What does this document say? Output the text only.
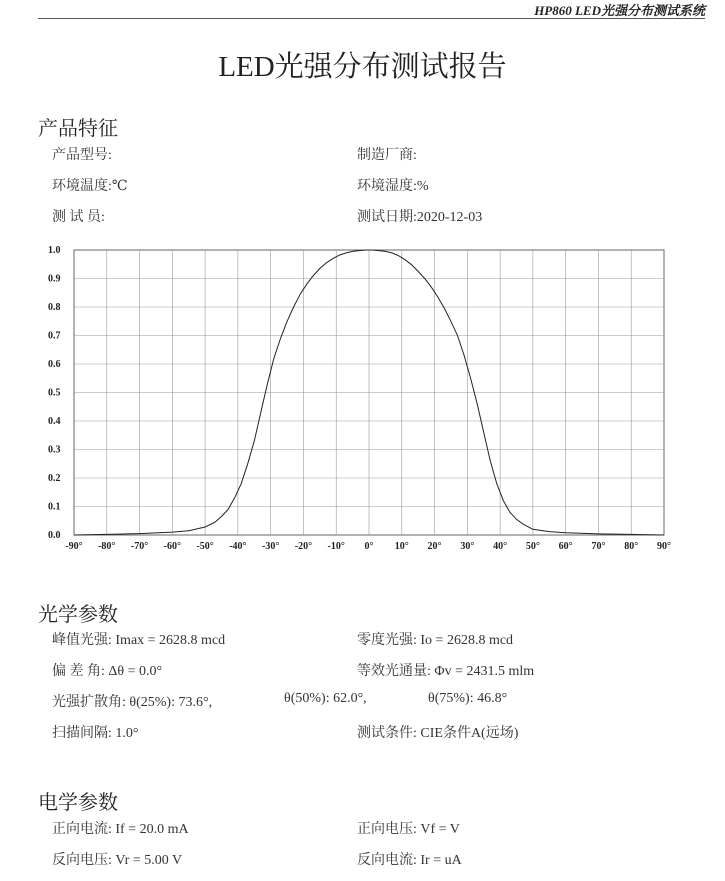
HP860 LED光强分布测试系统
LED光强分布测试报告
产品特征
产品型号:	制造厂商:
环境温度:℃	环境湿度:%
测 试 员:	测试日期:2020-12-03
0.0
0.1
0.2
0.3
0.4
0.5
0.6
0.7
0.8
0.9
1.0
-90° -80° -70° -60° -50° -40° -30° -20° -10° 0° 10° 20° 30° 40° 50° 60° 70° 80° 90°
光学参数
峰值光强: Imax = 2628.8 mcd	零度光强: Io = 2628.8 mcd
偏 差 角: Δθ = 0.0°	等效光通量: Φv = 2431.5 mlm
光强扩散角: θ(25%): 73.6°,	θ(50%): 62.0°,	θ(75%): 46.8°
扫描间隔: 1.0°	测试条件: CIE条件A(远场)
电学参数
正向电流: If = 20.0 mA	正向电压: Vf = V
反向电压: Vr = 5.00 V	反向电流: Ir = uA
